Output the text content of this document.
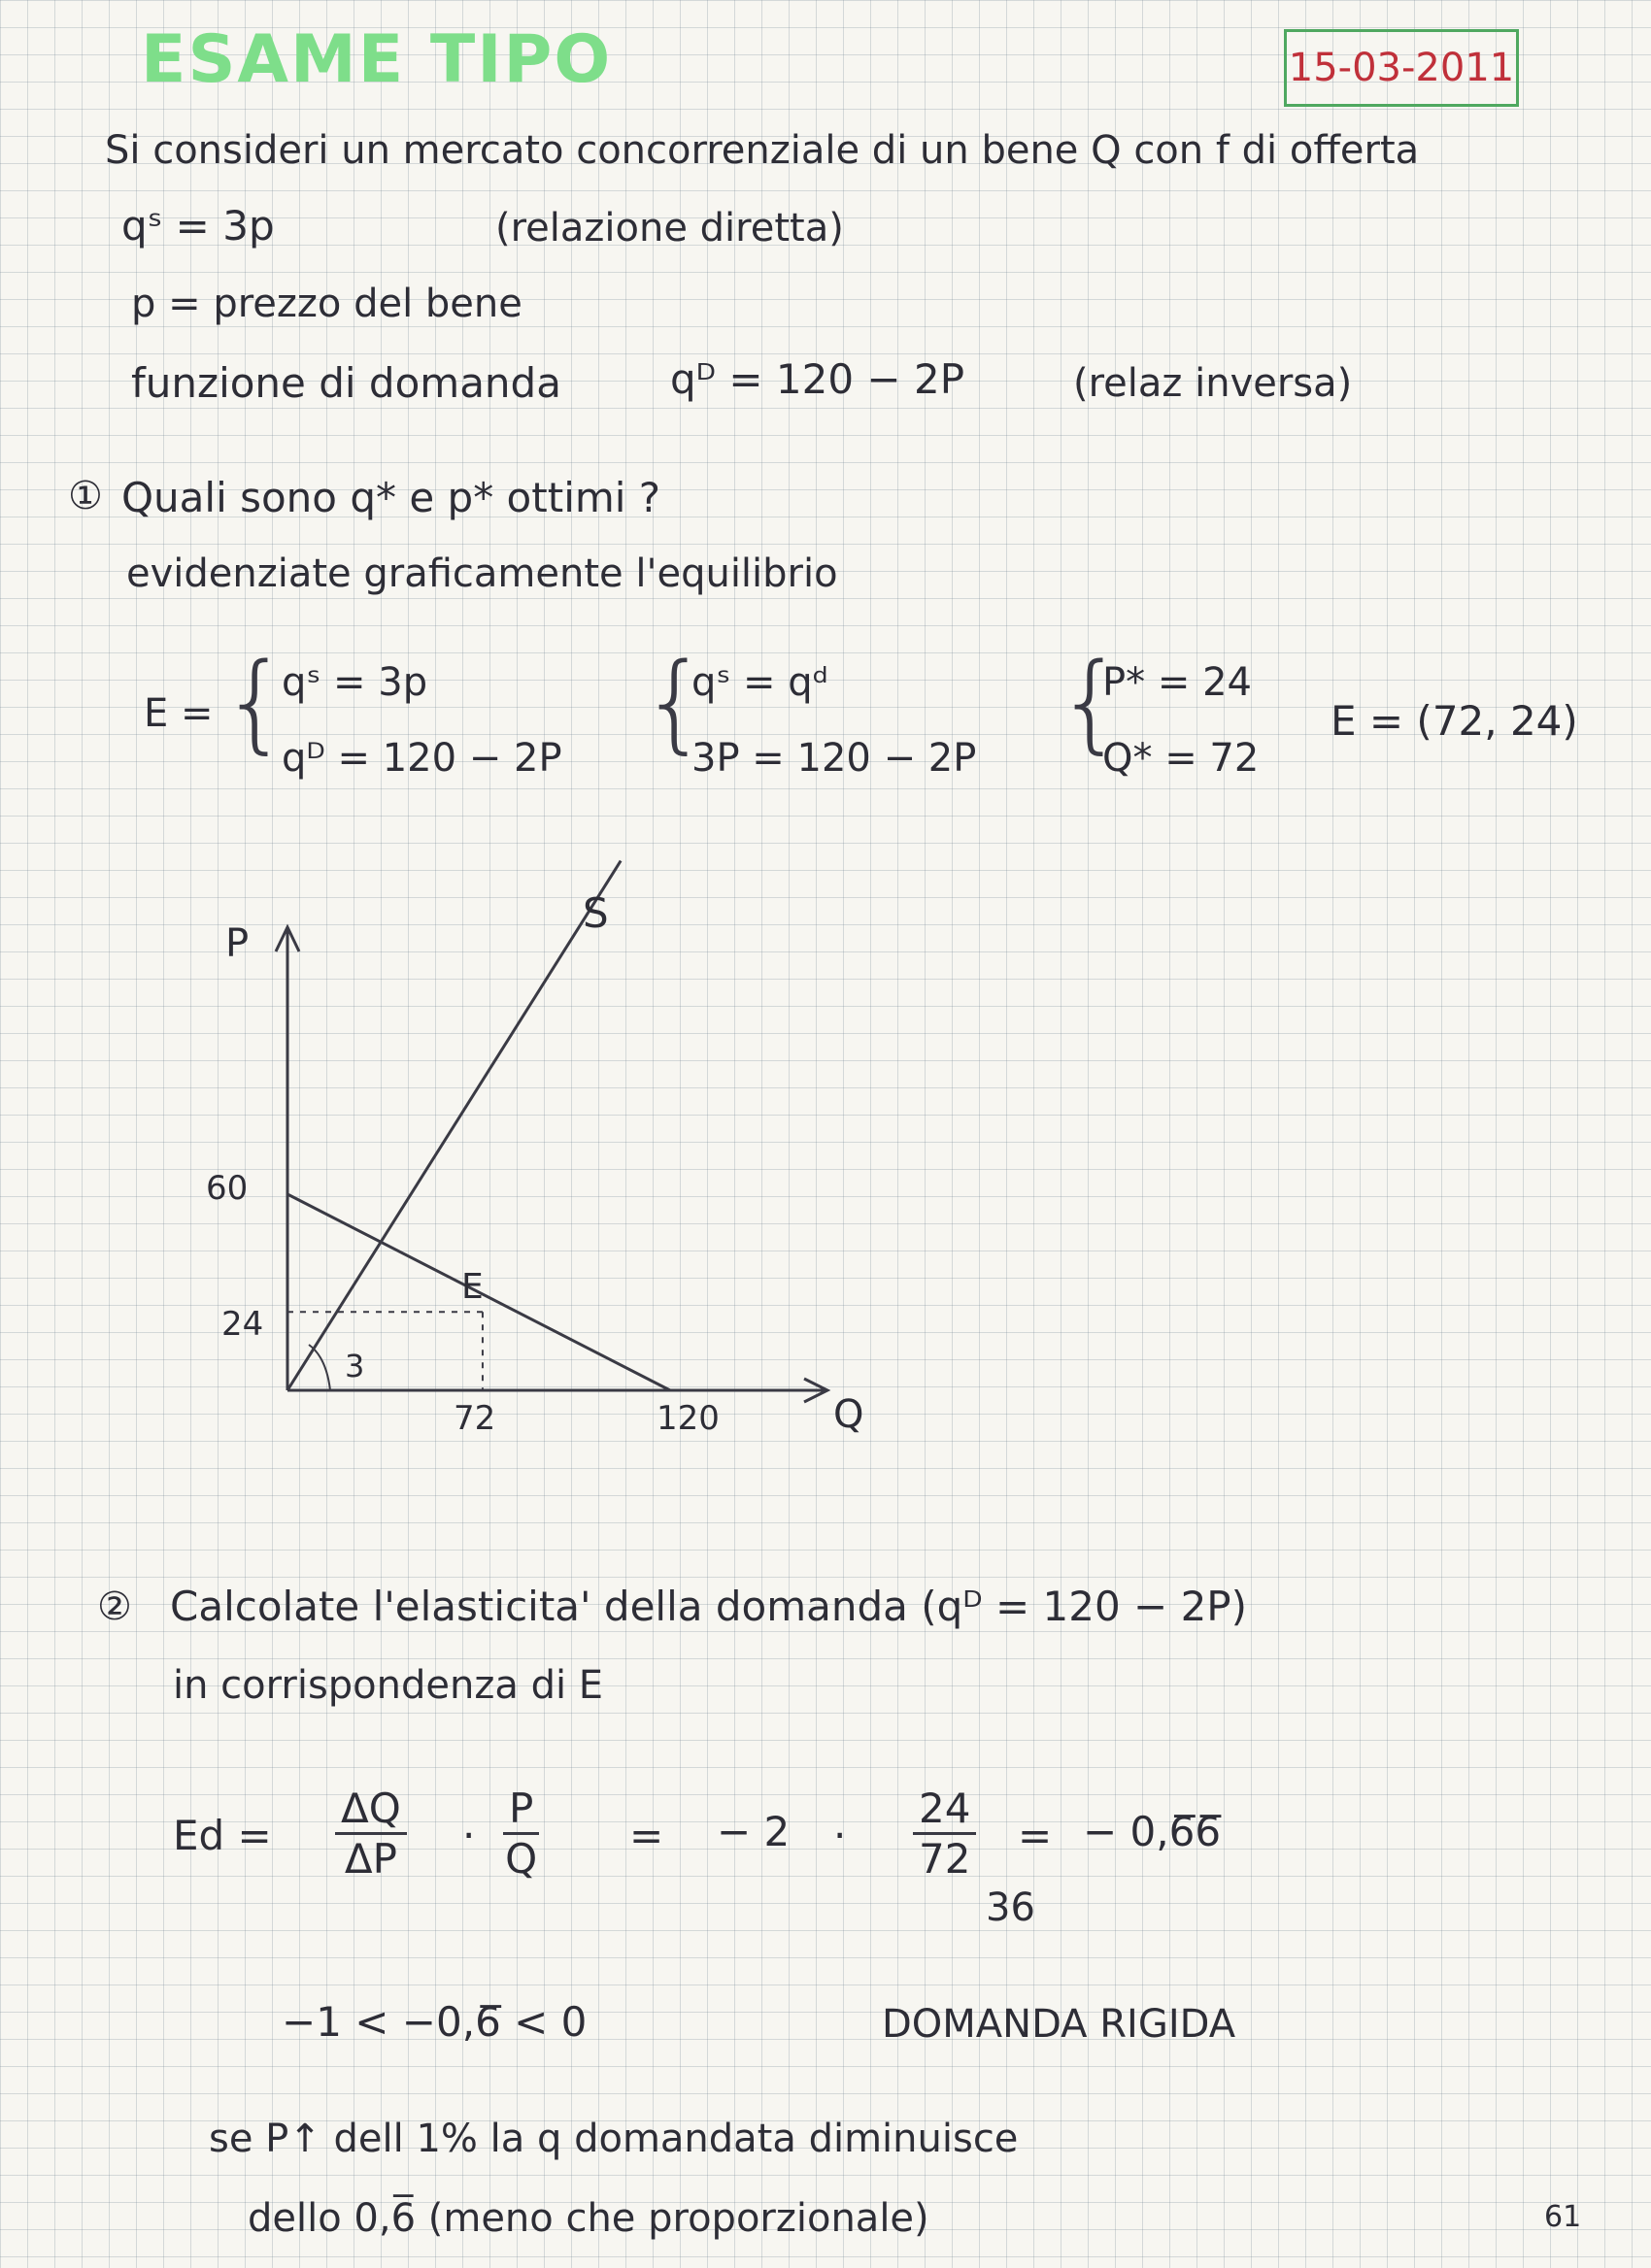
ESAME TIPO	15-03-2011
Si consideri un mercato concorrenziale di un bene Q con f di offerta
qˢ = 3p	(relazione diretta)
p = prezzo del bene
funzione di domanda	qᴰ = 120 − 2P	(relaz inversa)
① Quali sono q* e p* ottimi ?
evidenziate graficamente l'equilibrio
E = {
qˢ = 3p
qᴰ = 120 − 2P {
qˢ = qᵈ
3P = 120 − 2P {
P* = 24
Q* = 72
E = (72, 24)
P
Q
S
E
3
60
24
72	120
② Calcolate l'elasticita' della domanda (qᴰ = 120 − 2P)
in corrispondenza di E
$Ed = \frac{\Delta Q}{\Delta P} \cdot \frac{P}{Q}$ = − $2 \cdot \frac{24}{72}$ = − 0,6̅6̅
36
−1 < −0,6̅ < 0	DOMANDA RIGIDA
se P↑ dell 1% la q domandata diminuisce
dello 0,6̅ (meno che proporzionale)	61
